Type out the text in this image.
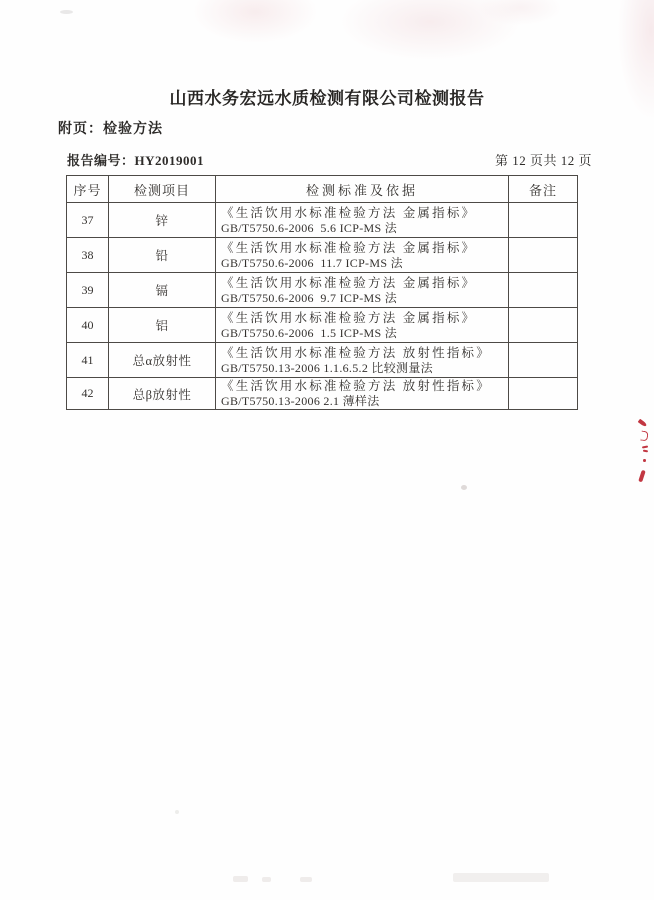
山西水务宏远水质检测有限公司检测报告
附页：检验方法
报告编号：HY2019001	第 12 页共 12 页
序号	检测项目	检测标准及依据	备注
37	锌	《生活饮用水标准检验方法 金属指标》
GB/T5750.6-2006  5.6 ICP-MS 法	

38	铅	《生活饮用水标准检验方法 金属指标》
GB/T5750.6-2006  11.7 ICP-MS 法	

39	镉	《生活饮用水标准检验方法 金属指标》
GB/T5750.6-2006  9.7 ICP-MS 法	

40	铝	《生活饮用水标准检验方法 金属指标》
GB/T5750.6-2006  1.5 ICP-MS 法	

41	总α放射性	《生活饮用水标准检验方法 放射性指标》
GB/T5750.13-2006 1.1.6.5.2 比较测量法	

42	总β放射性	《生活饮用水标准检验方法 放射性指标》
GB/T5750.13-2006 2.1 薄样法	
